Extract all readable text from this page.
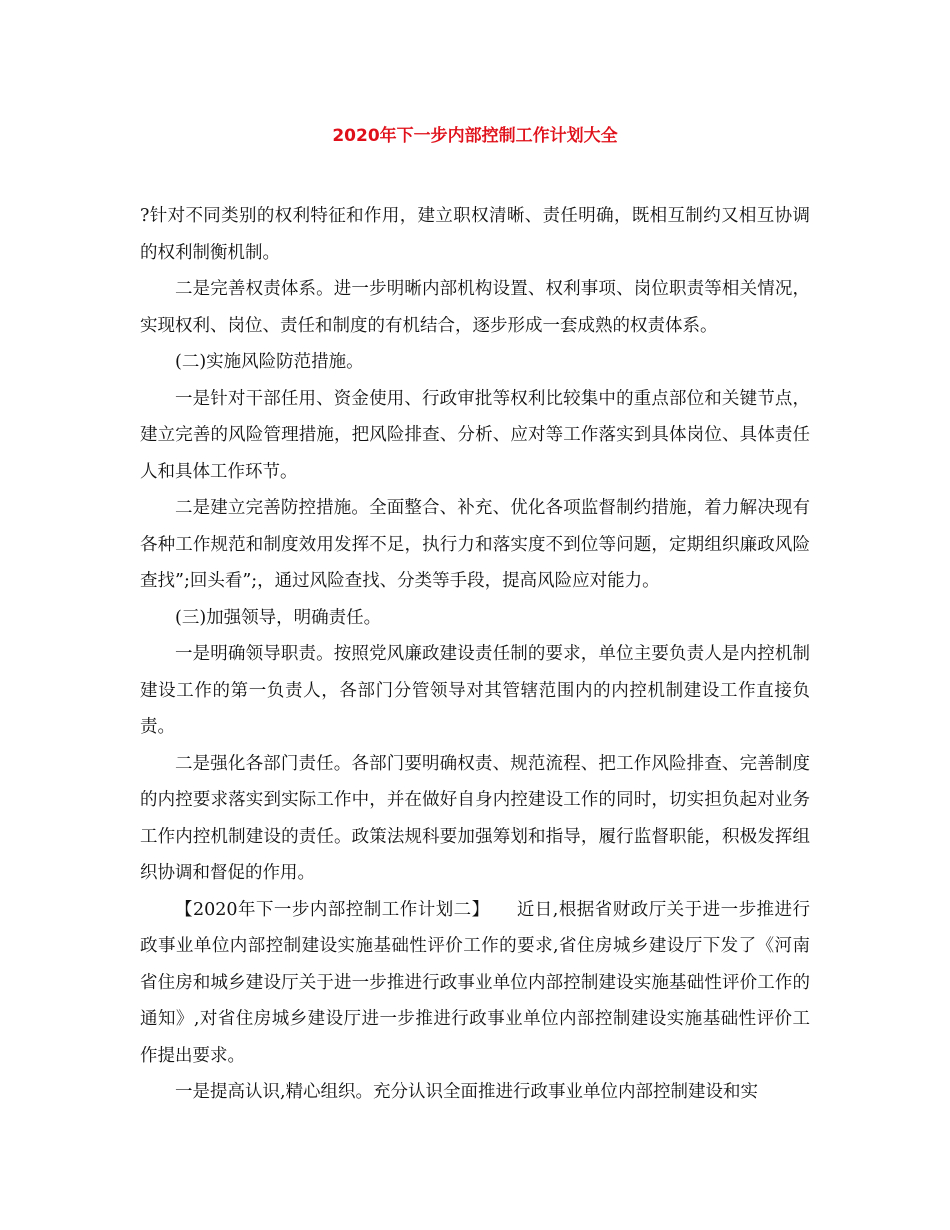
2020年下一步内部控制工作计划大全

?针对不同类别的权利特征和作用，建立职权清晰、责任明确，既相互制约又相互协调的权利制衡机制。

二是完善权责体系。进一步明晰内部机构设置、权利事项、岗位职责等相关情况，实现权利、岗位、责任和制度的有机结合，逐步形成一套成熟的权责体系。

(二)实施风险防范措施。

一是针对干部任用、资金使用、行政审批等权利比较集中的重点部位和关键节点，建立完善的风险管理措施，把风险排查、分析、应对等工作落实到具体岗位、具体责任人和具体工作环节。

二是建立完善防控措施。全面整合、补充、优化各项监督制约措施，着力解决现有各种工作规范和制度效用发挥不足，执行力和落实度不到位等问题，定期组织廉政风险查找”;回头看”;，通过风险查找、分类等手段，提高风险应对能力。

(三)加强领导，明确责任。

一是明确领导职责。按照党风廉政建设责任制的要求，单位主要负责人是内控机制建设工作的第一负责人，各部门分管领导对其管辖范围内的内控机制建设工作直接负责。

二是强化各部门责任。各部门要明确权责、规范流程、把工作风险排查、完善制度的内控要求落实到实际工作中，并在做好自身内控建设工作的同时，切实担负起对业务工作内控机制建设的责任。政策法规科要加强筹划和指导，履行监督职能，积极发挥组织协调和督促的作用。

【2020年下一步内部控制工作计划二】　　近日,根据省财政厅关于进一步推进行政事业单位内部控制建设实施基础性评价工作的要求,省住房城乡建设厅下发了《河南省住房和城乡建设厅关于进一步推进行政事业单位内部控制建设实施基础性评价工作的通知》,对省住房城乡建设厅进一步推进行政事业单位内部控制建设实施基础性评价工作提出要求。

一是提高认识,精心组织。充分认识全面推进行政事业单位内部控制建设和实
